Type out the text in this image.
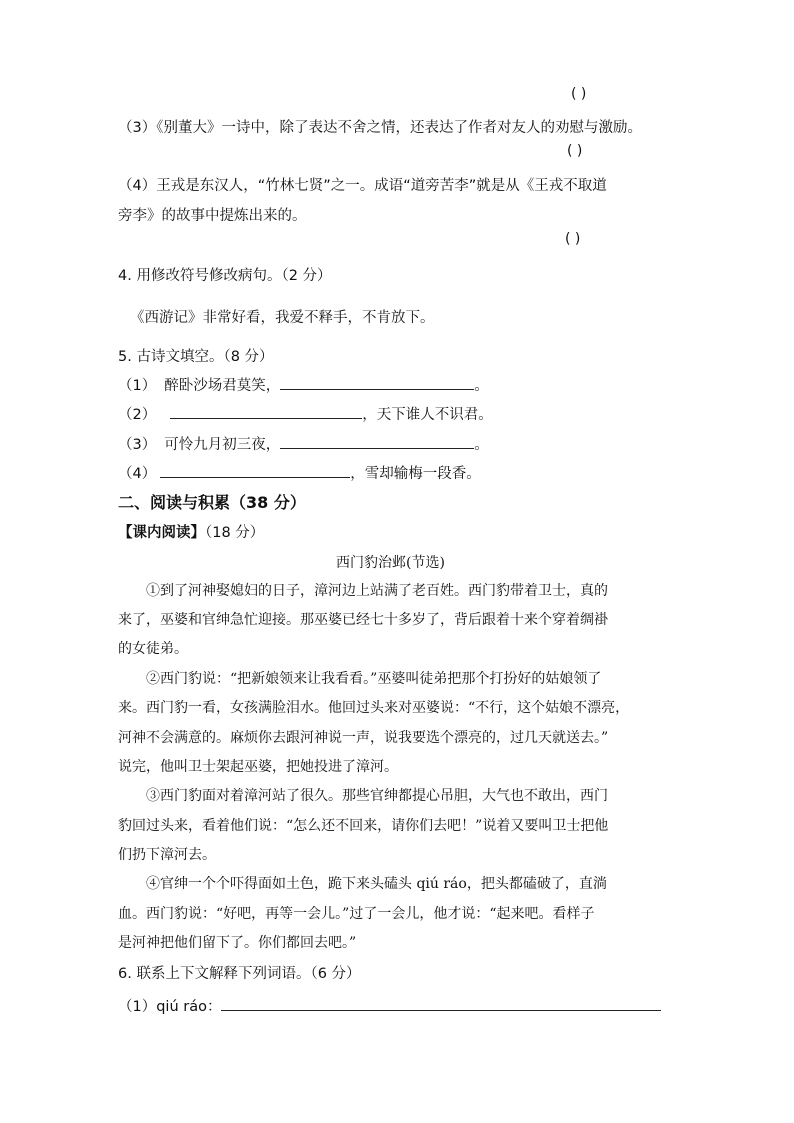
( )
（3）《别董大》一诗中，除了表达不舍之情，还表达了作者对友人的劝慰与激励。
( )
（4）王戎是东汉人，“竹林七贤”之一。成语“道旁苦李”就是从《王戎不取道
旁李》的故事中提炼出来的。
( )
4. 用修改符号修改病句。（2 分）
《西游记》非常好看，我爱不释手，不肯放下。
5. 古诗文填空。（8 分）
（1） 醉卧沙场君莫笑，	。
（2）	，天下谁人不识君。
（3） 可怜九月初三夜，	。
（4）	，雪却输梅一段香。
二、阅读与积累（38 分）
【课内阅读】（18 分）
西门豹治邺(节选)
①到了河神娶媳妇的日子，漳河边上站满了老百姓。西门豹带着卫士，真的
来了，巫婆和官绅急忙迎接。那巫婆已经七十多岁了，背后跟着十来个穿着绸褂
的女徒弟。
②西门豹说：“把新娘领来让我看看。”巫婆叫徒弟把那个打扮好的姑娘领了
来。西门豹一看，女孩满脸泪水。他回过头来对巫婆说：“不行，这个姑娘不漂亮，
河神不会满意的。麻烦你去跟河神说一声，说我要选个漂亮的，过几天就送去。”
说完，他叫卫士架起巫婆，把她投进了漳河。
③西门豹面对着漳河站了很久。那些官绅都提心吊胆，大气也不敢出，西门
豹回过头来，看着他们说：“怎么还不回来，请你们去吧！”说着又要叫卫士把他
们扔下漳河去。
④官绅一个个吓得面如土色，跪下来头磕头 qiú ráo，把头都磕破了，直淌
血。西门豹说：“好吧，再等一会儿。”过了一会儿，他才说：“起来吧。看样子
是河神把他们留下了。你们都回去吧。”
6. 联系上下文解释下列词语。（6 分）
（1）qiú ráo：
